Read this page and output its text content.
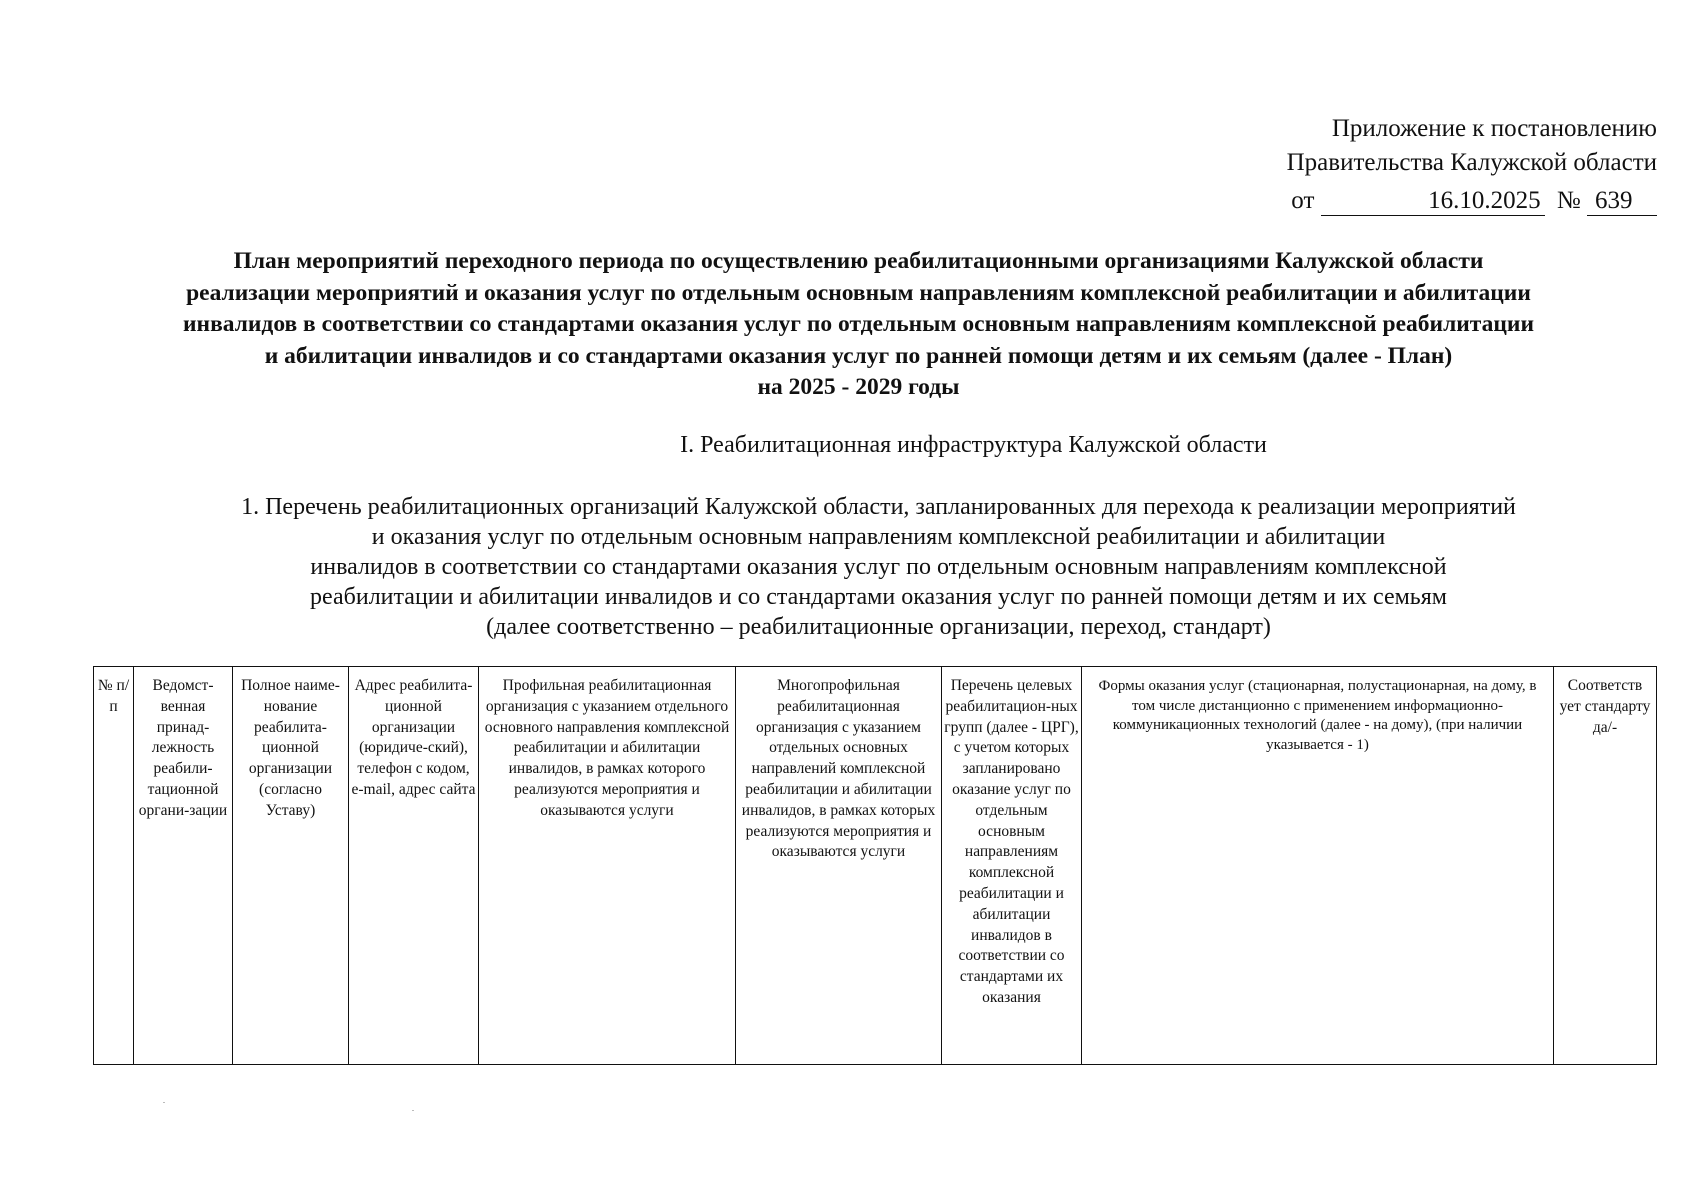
Приложение к постановлению
Правительства Калужской области
от	16.10.2025 № 639
План мероприятий переходного периода по осуществлению реабилитационными организациями Калужской области
реализации мероприятий и оказания услуг по отдельным основным направлениям комплексной реабилитации и абилитации
инвалидов в соответствии со стандартами оказания услуг по отдельным основным направлениям комплексной реабилитации
и абилитации инвалидов и со стандартами оказания услуг по ранней помощи детям и их семьям (далее - План)
на 2025 - 2029 годы
I. Реабилитационная инфраструктура Калужской области
1. Перечень реабилитационных организаций Калужской области, запланированных для перехода к реализации мероприятий
и оказания услуг по отдельным основным направлениям комплексной реабилитации и абилитации
инвалидов в соответствии со стандартами оказания услуг по отдельным основным направлениям комплексной
реабилитации и абилитации инвалидов и со стандартами оказания услуг по ранней помощи детям и их семьям
(далее соответственно – реабилитационные организации, переход, стандарт)
№ п/п	Ведомст-венная принад-лежность реабили-тационной органи-зации	Полное наиме-нование реабилита-ционной организации (согласно Уставу)	Адрес реабилита-ционной организации (юридиче-ский), телефон с кодом, e-mail, адрес сайта	Профильная реабилитационная организация с указанием отдельного основного направления комплексной реабилитации и абилитации инвалидов, в рамках которого реализуются мероприятия и оказываются услуги	Многопрофильная реабилитационная организация с указанием отдельных основных направлений комплексной реабилитации и абилитации инвалидов, в рамках которых реализуются мероприятия и оказываются услуги	Перечень целевых реабилитацион-ных групп (далее - ЦРГ), с учетом которых запланировано оказание услуг по отдельным основным направлениям комплексной реабилитации и абилитации инвалидов в соответствии со стандартами их оказания	Формы оказания услуг (стационарная, полустационарная, на дому, в том числе дистанционно с применением информационно-коммуникационных технологий (далее - на дому), (при наличии указывается - 1)	Соответств ует стандарту да/-
